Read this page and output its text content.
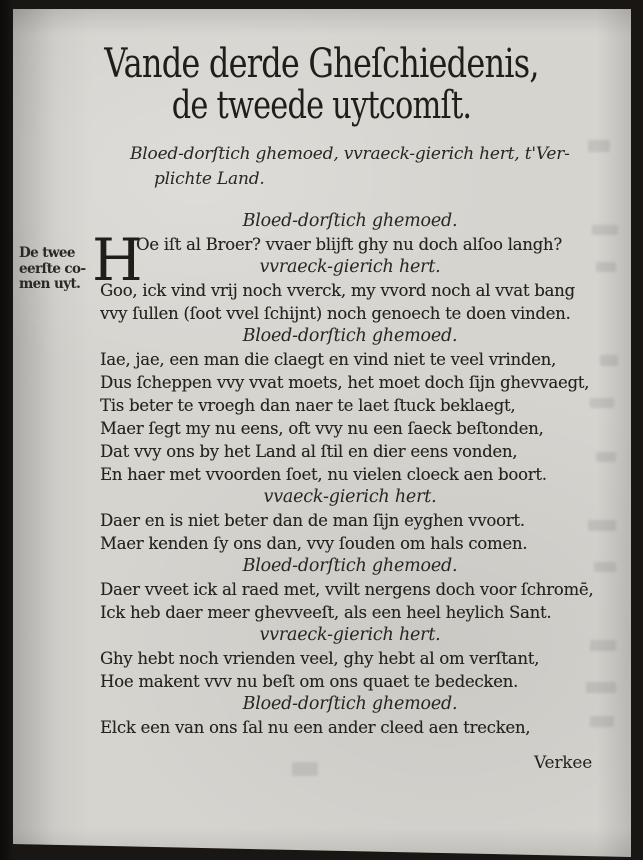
Vande derde Gheſchiedenis,
de tweede uytcomſt.
Bloed-dorſtich ghemoed, vvraeck-gierich hert, t'Ver-
plichte Land.
De twee
eerſte co-
men uyt. H
Bloed-dorſtich ghemoed.
Oe iſt al Broer? vvaer blijft ghy nu doch alſoo langh?
vvraeck-gierich hert.
Goo, ick vind vrij noch vverck, my vvord noch al vvat bang
vvy ſullen (ſoot vvel ſchijnt) noch genoech te doen vinden.
Bloed-dorſtich ghemoed.
Iae, jae, een man die claegt en vind niet te veel vrinden,
Dus ſcheppen vvy vvat moets, het moet doch ſijn ghevvaegt,
Tis beter te vroegh dan naer te laet ſtuck beklaegt,
Maer ſegt my nu eens, oft vvy nu een ſaeck beſtonden,
Dat vvy ons by het Land al ſtil en dier eens vonden,
En haer met vvoorden ſoet, nu vielen cloeck aen boort.
vvaeck-gierich hert.
Daer en is niet beter dan de man ſijn eyghen vvoort.
Maer kenden ſy ons dan, vvy ſouden om hals comen.
Bloed-dorſtich ghemoed.
Daer vveet ick al raed met, vvilt nergens doch voor ſchromē,
Ick heb daer meer ghevveeſt, als een heel heylich Sant.
vvraeck-gierich hert.
Ghy hebt noch vrienden veel, ghy hebt al om verſtant,
Hoe makent vvv nu beſt om ons quaet te bedecken.
Bloed-dorſtich ghemoed.
Elck een van ons ſal nu een ander cleed aen trecken,
Verkee
